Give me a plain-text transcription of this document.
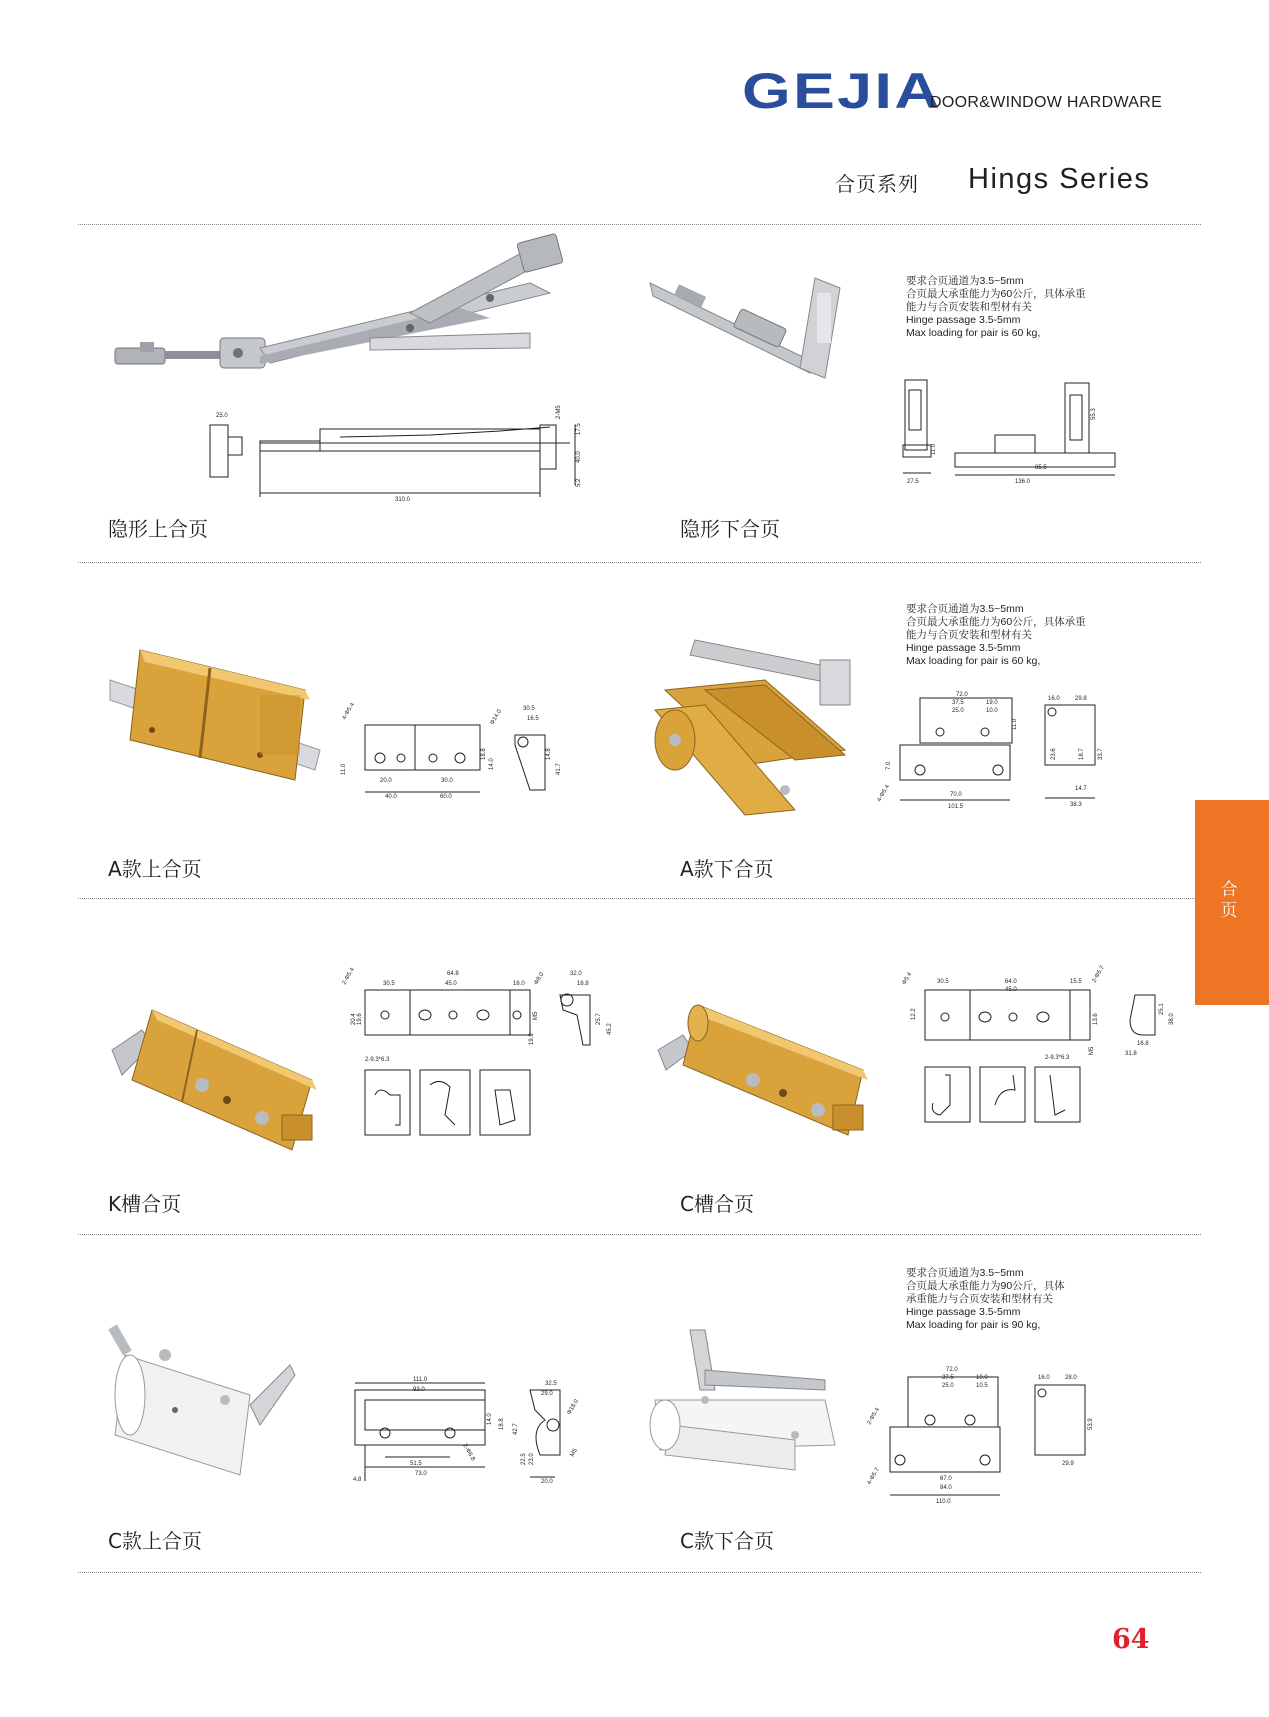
GEJIA
DOOR&WINDOW HARDWARE
合页系列 Hings Series
25.0
310.0
2-M5
17.5
40.0
5.2
隐形上合页
要求合页通道为3.5~5mm
合页最大承重能力为60公斤，具体承重
能力与合页安装和型材有关
Hinge passage 3.5-5mm
Max loading for pair is 60 kg,
27.5	136.0
85.5
55.3
11.0
隐形下合页
4-Φ5.4
11.0
20.0
40.0
30.0
60.0
14.0
18.8
Φ14.0	30.5
16.5
14.8
41.7
A款上合页
要求合页通道为3.5~5mm
合页最大承重能力为60公斤，具体承重
能力与合页安装和型材有关
Hinge passage 3.5-5mm
Max loading for pair is 60 kg,
72.0
37.5	19.0
25.0	10.0
11.0
7.0
4-Φ5.4	70.0
101.5
16.0	29.8
23.6	18.7 33.7
14.7
38.3
A款下合页
64.8
30.5	45.0	16.0
2-Φ5.4	Φ8.0
M5
20.4 19.6
19.9
2-9.3*6.3
32.0
16.8
25.7
45.2
K槽合页
Φ5.4	30.5	64.0
45.0
15.5 2-Φ5.7
12.2	13.6
M5
2-9.3*6.3
25.1
38.0
16.8
31.8
C槽合页
111.0
93.0
14.0 18.8
51.5
73.0
2-Φ6.8
4.8
32.5
29.0
Φ18.0
42.7
22.5 23.0
20.0
M5
C款上合页
要求合页通道为3.5~5mm
合页最大承重能力为90公斤，具体
承重能力与合页安装和型材有关
Hinge passage 3.5-5mm
Max loading for pair is 90 kg,
72.0
37.5	19.0
25.0	10.5
2-Φ5.4
4-Φ5.7	67.0
84.0
110.0
16.0	28.0
53.9
29.9
C款下合页
合页
64
